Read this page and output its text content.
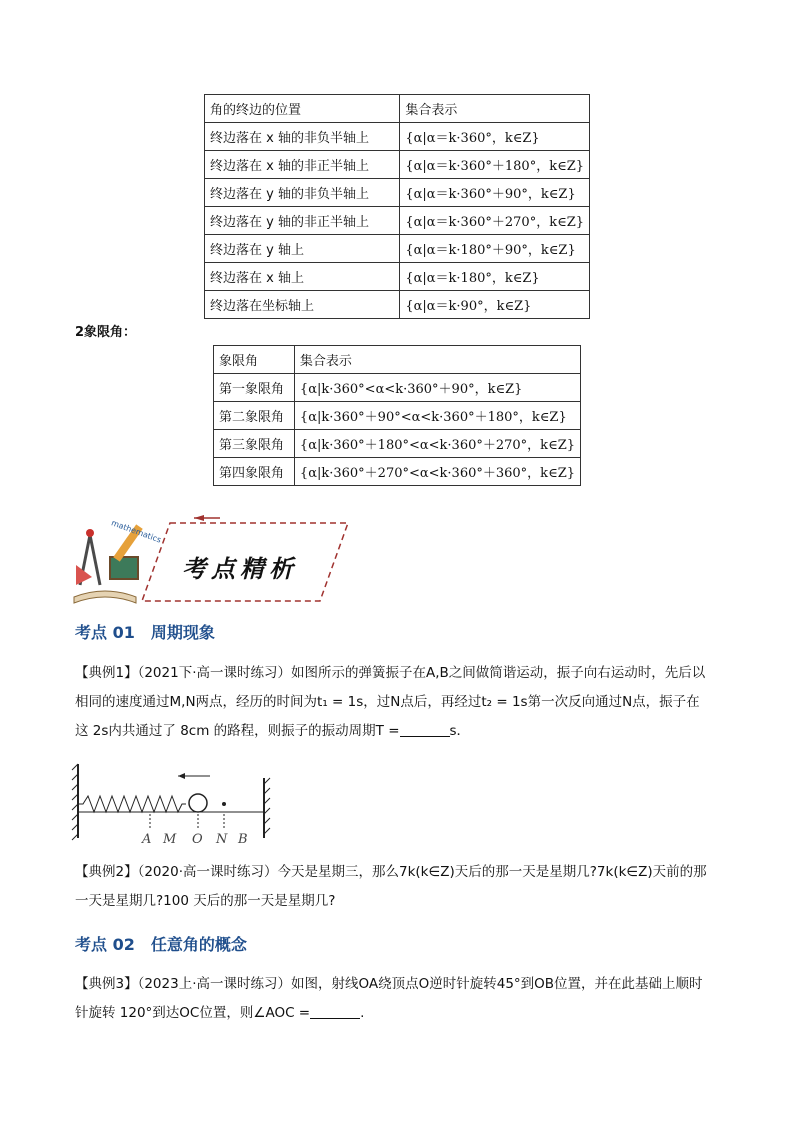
角的终边的位置	集合表示
终边落在 x 轴的非负半轴上	{α|α＝k·360°，k∈Z}
终边落在 x 轴的非正半轴上	{α|α＝k·360°＋180°，k∈Z}
终边落在 y 轴的非负半轴上	{α|α＝k·360°＋90°，k∈Z}
终边落在 y 轴的非正半轴上	{α|α＝k·360°＋270°，k∈Z}
终边落在 y 轴上	{α|α＝k·180°＋90°，k∈Z}
终边落在 x 轴上	{α|α＝k·180°，k∈Z}
终边落在坐标轴上	{α|α＝k·90°，k∈Z}
2象限角：
象限角	集合表示
第一象限角	{α|k·360°<α<k·360°＋90°，k∈Z}
第二象限角	{α|k·360°＋90°<α<k·360°＋180°，k∈Z}
第三象限角	{α|k·360°＋180°<α<k·360°＋270°，k∈Z}
第四象限角	{α|k·360°＋270°<α<k·360°＋360°，k∈Z}
mathematics
考点精析
考点 01　周期现象
【典例1】（2021下·高一课时练习）如图所示的弹簧振子在A,B之间做简谐运动，振子向右运动时，先后以
相同的速度通过M,N两点，经历的时间为t₁ = 1s，过N点后，再经过t₂ = 1s第一次反向通过N点，振子在
这 2s内共通过了 8cm 的路程，则振子的振动周期T =	s．
A M O N B
【典例2】（2020·高一课时练习）今天是星期三，那么7k(k∈Z)天后的那一天是星期几?7k(k∈Z)天前的那
一天是星期几?100 天后的那一天是星期几?
考点 02　任意角的概念
【典例3】（2023上·高一课时练习）如图，射线OA绕顶点O逆时针旋转45°到OB位置，并在此基础上顺时
针旋转 120°到达OC位置，则∠AOC =	.
